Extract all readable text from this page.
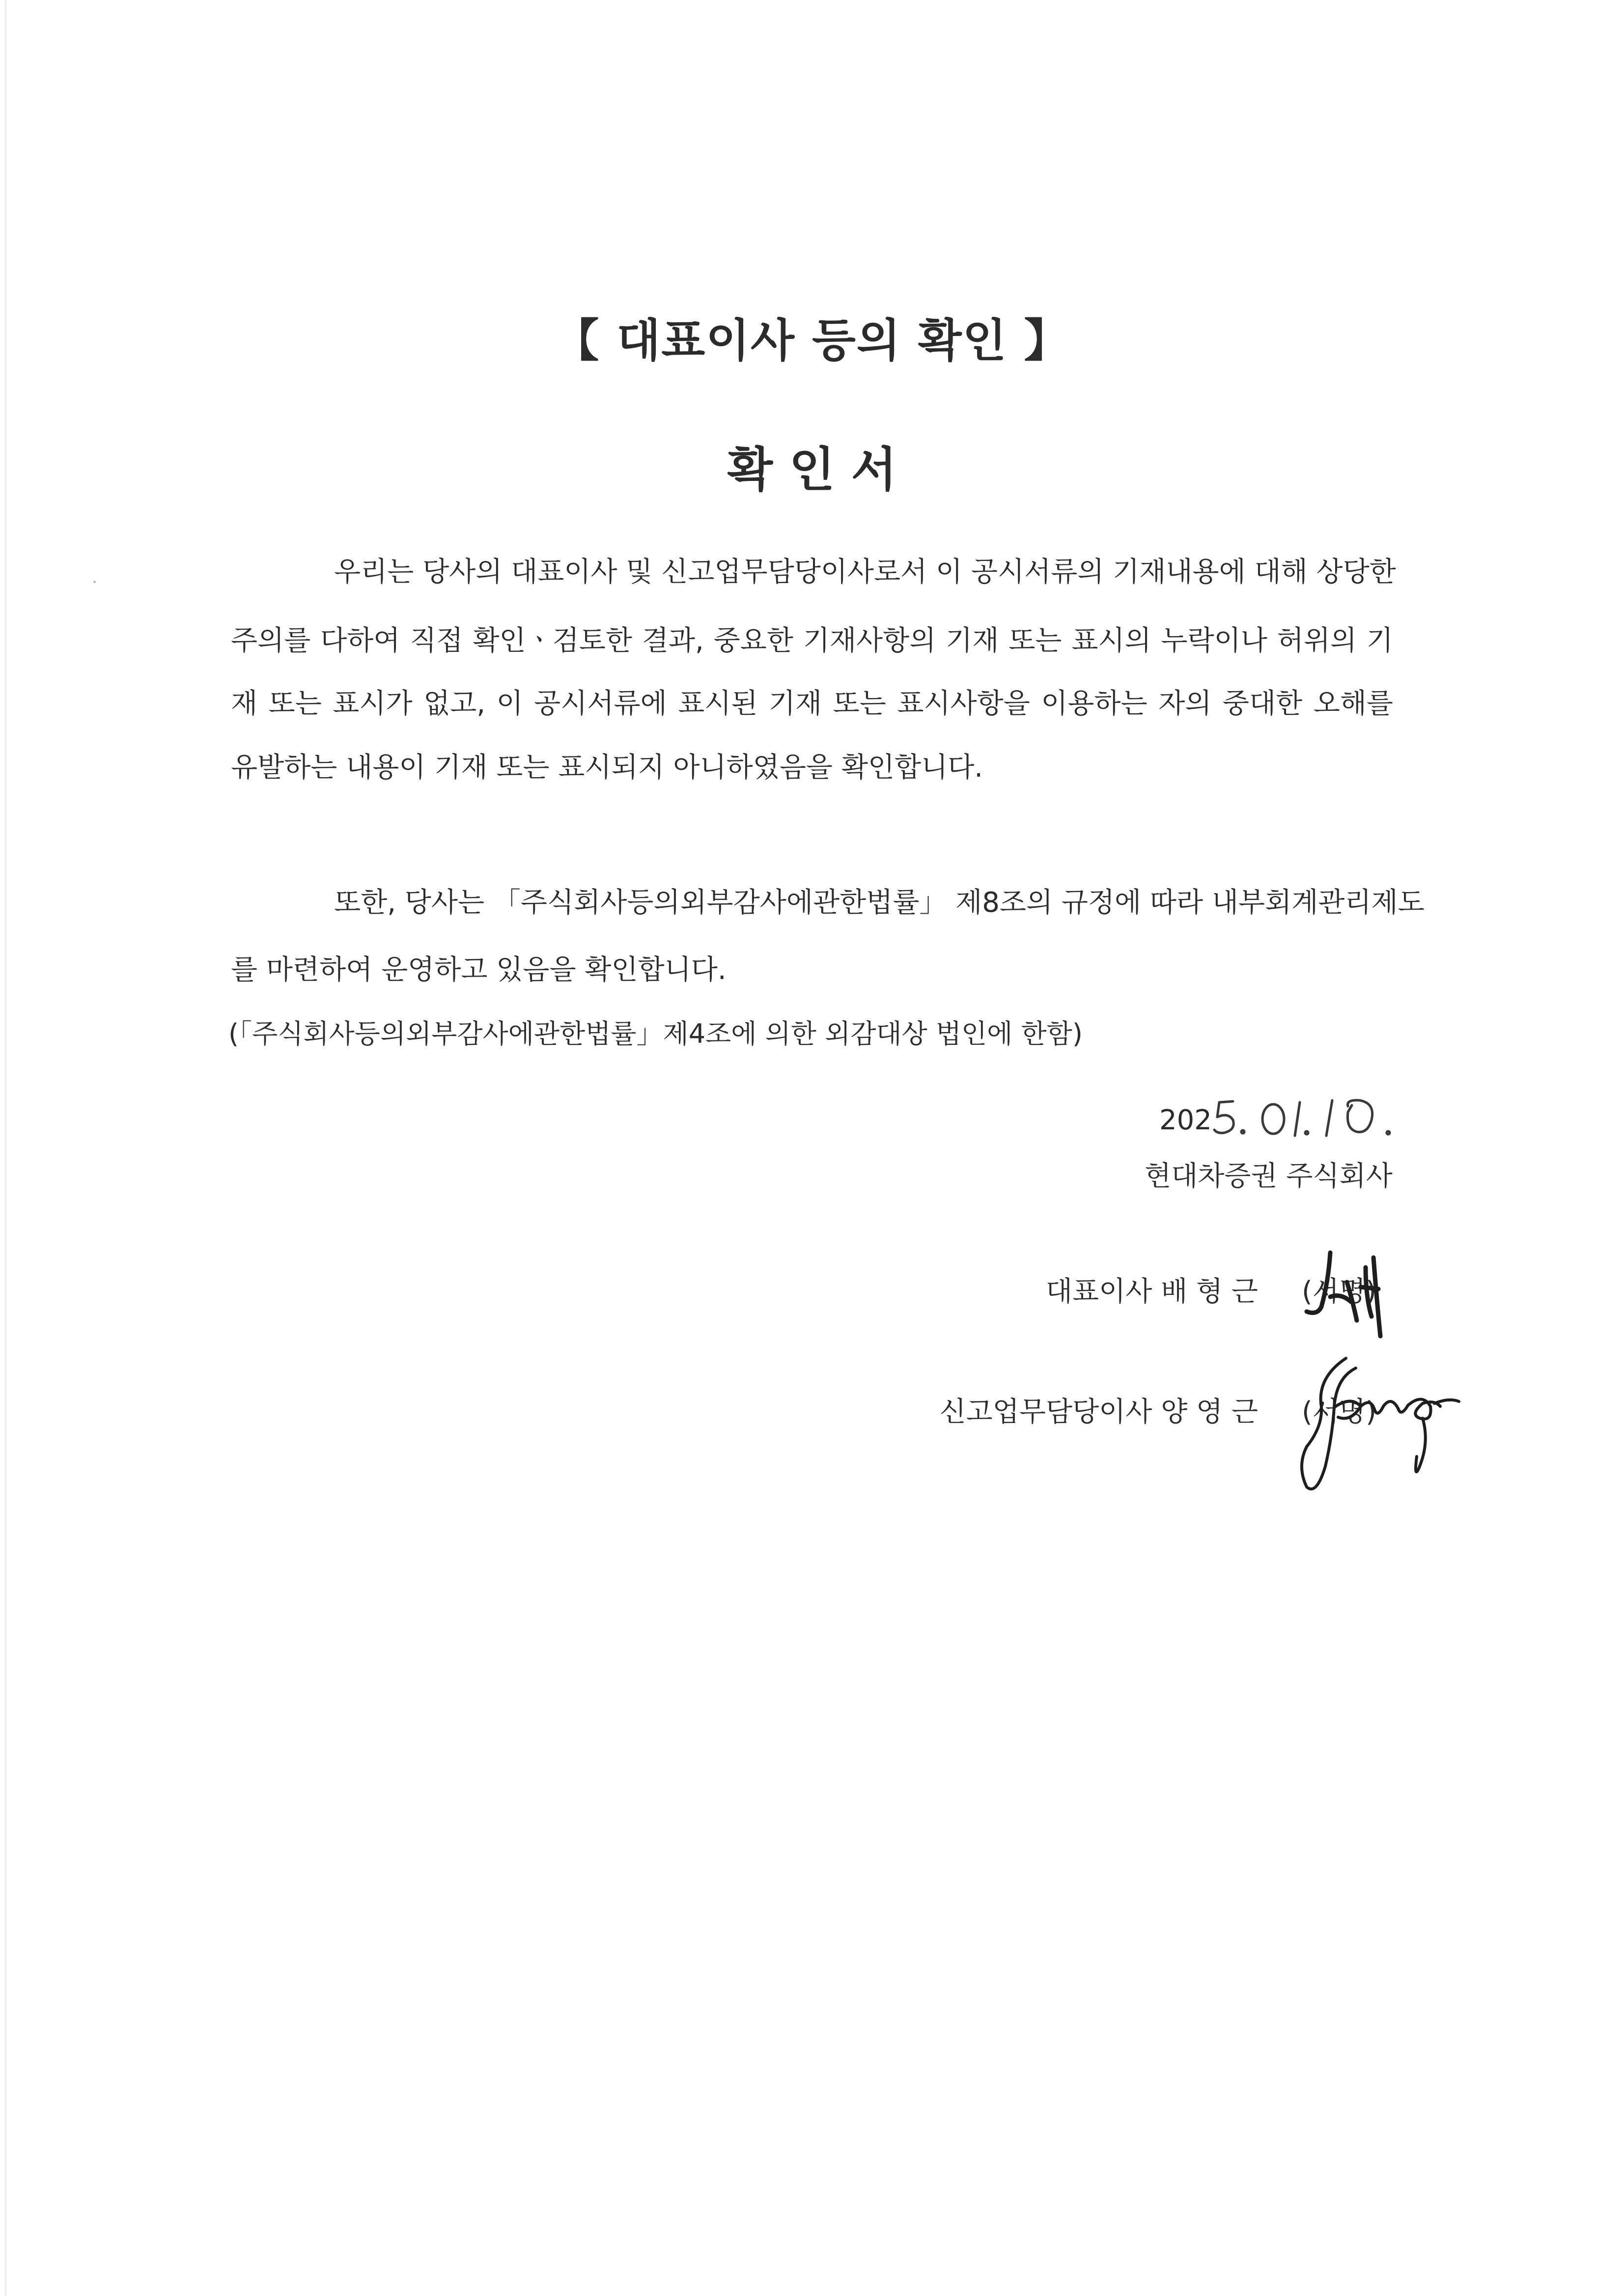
【 대표이사 등의 확인 】
확 인 서
우리는 당사의 대표이사 및 신고업무담당이사로서 이 공시서류의 기재내용에 대해 상당한
주의를 다하여 직접 확인ㆍ검토한 결과, 중요한 기재사항의 기재 또는 표시의 누락이나 허위의 기
재 또는 표시가 없고, 이 공시서류에 표시된 기재 또는 표시사항을 이용하는 자의 중대한 오해를
유발하는 내용이 기재 또는 표시되지 아니하였음을 확인합니다.
또한, 당사는 「주식회사등의외부감사에관한법률」 제8조의 규정에 따라 내부회계관리제도
를 마련하여 운영하고 있음을 확인합니다.
(「주식회사등의외부감사에관한법률」제4조에 의한 외감대상 법인에 한함)
202
현대차증권 주식회사
대표이사 배 형 근 (서명)
신고업무담당이사 양 영 근 (서명)
